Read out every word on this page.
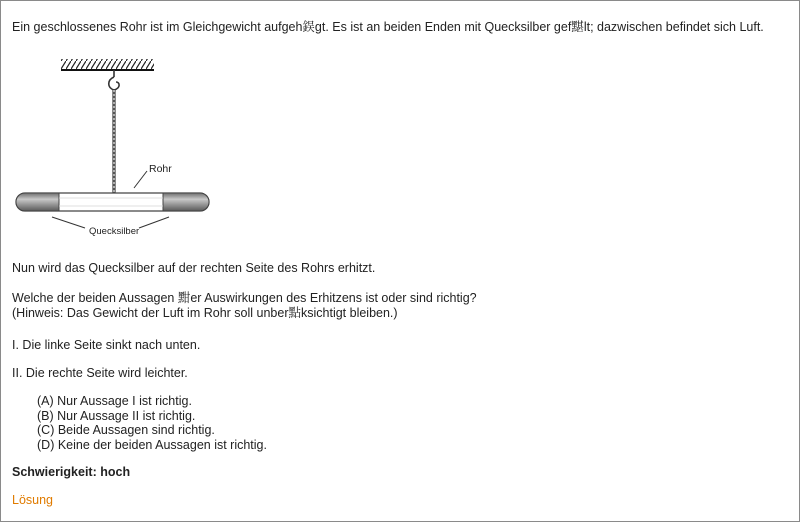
Ein geschlossenes Rohr ist im Gleichgewicht aufgeh鋘gt. Es ist an beiden Enden mit Quecksilber gef黮lt; dazwischen befindet sich Luft.
Rohr
Quecksilber
Nun wird das Quecksilber auf der rechten Seite des Rohrs erhitzt.
Welche der beiden Aussagen 黚er Auswirkungen des Erhitzens ist oder sind richtig?
(Hinweis: Das Gewicht der Luft im Rohr soll unber點ksichtigt bleiben.)
I. Die linke Seite sinkt nach unten.
II. Die rechte Seite wird leichter.
(A) Nur Aussage I ist richtig.
(B) Nur Aussage II ist richtig.
(C) Beide Aussagen sind richtig.
(D) Keine der beiden Aussagen ist richtig.
Schwierigkeit: hoch
Lösung
